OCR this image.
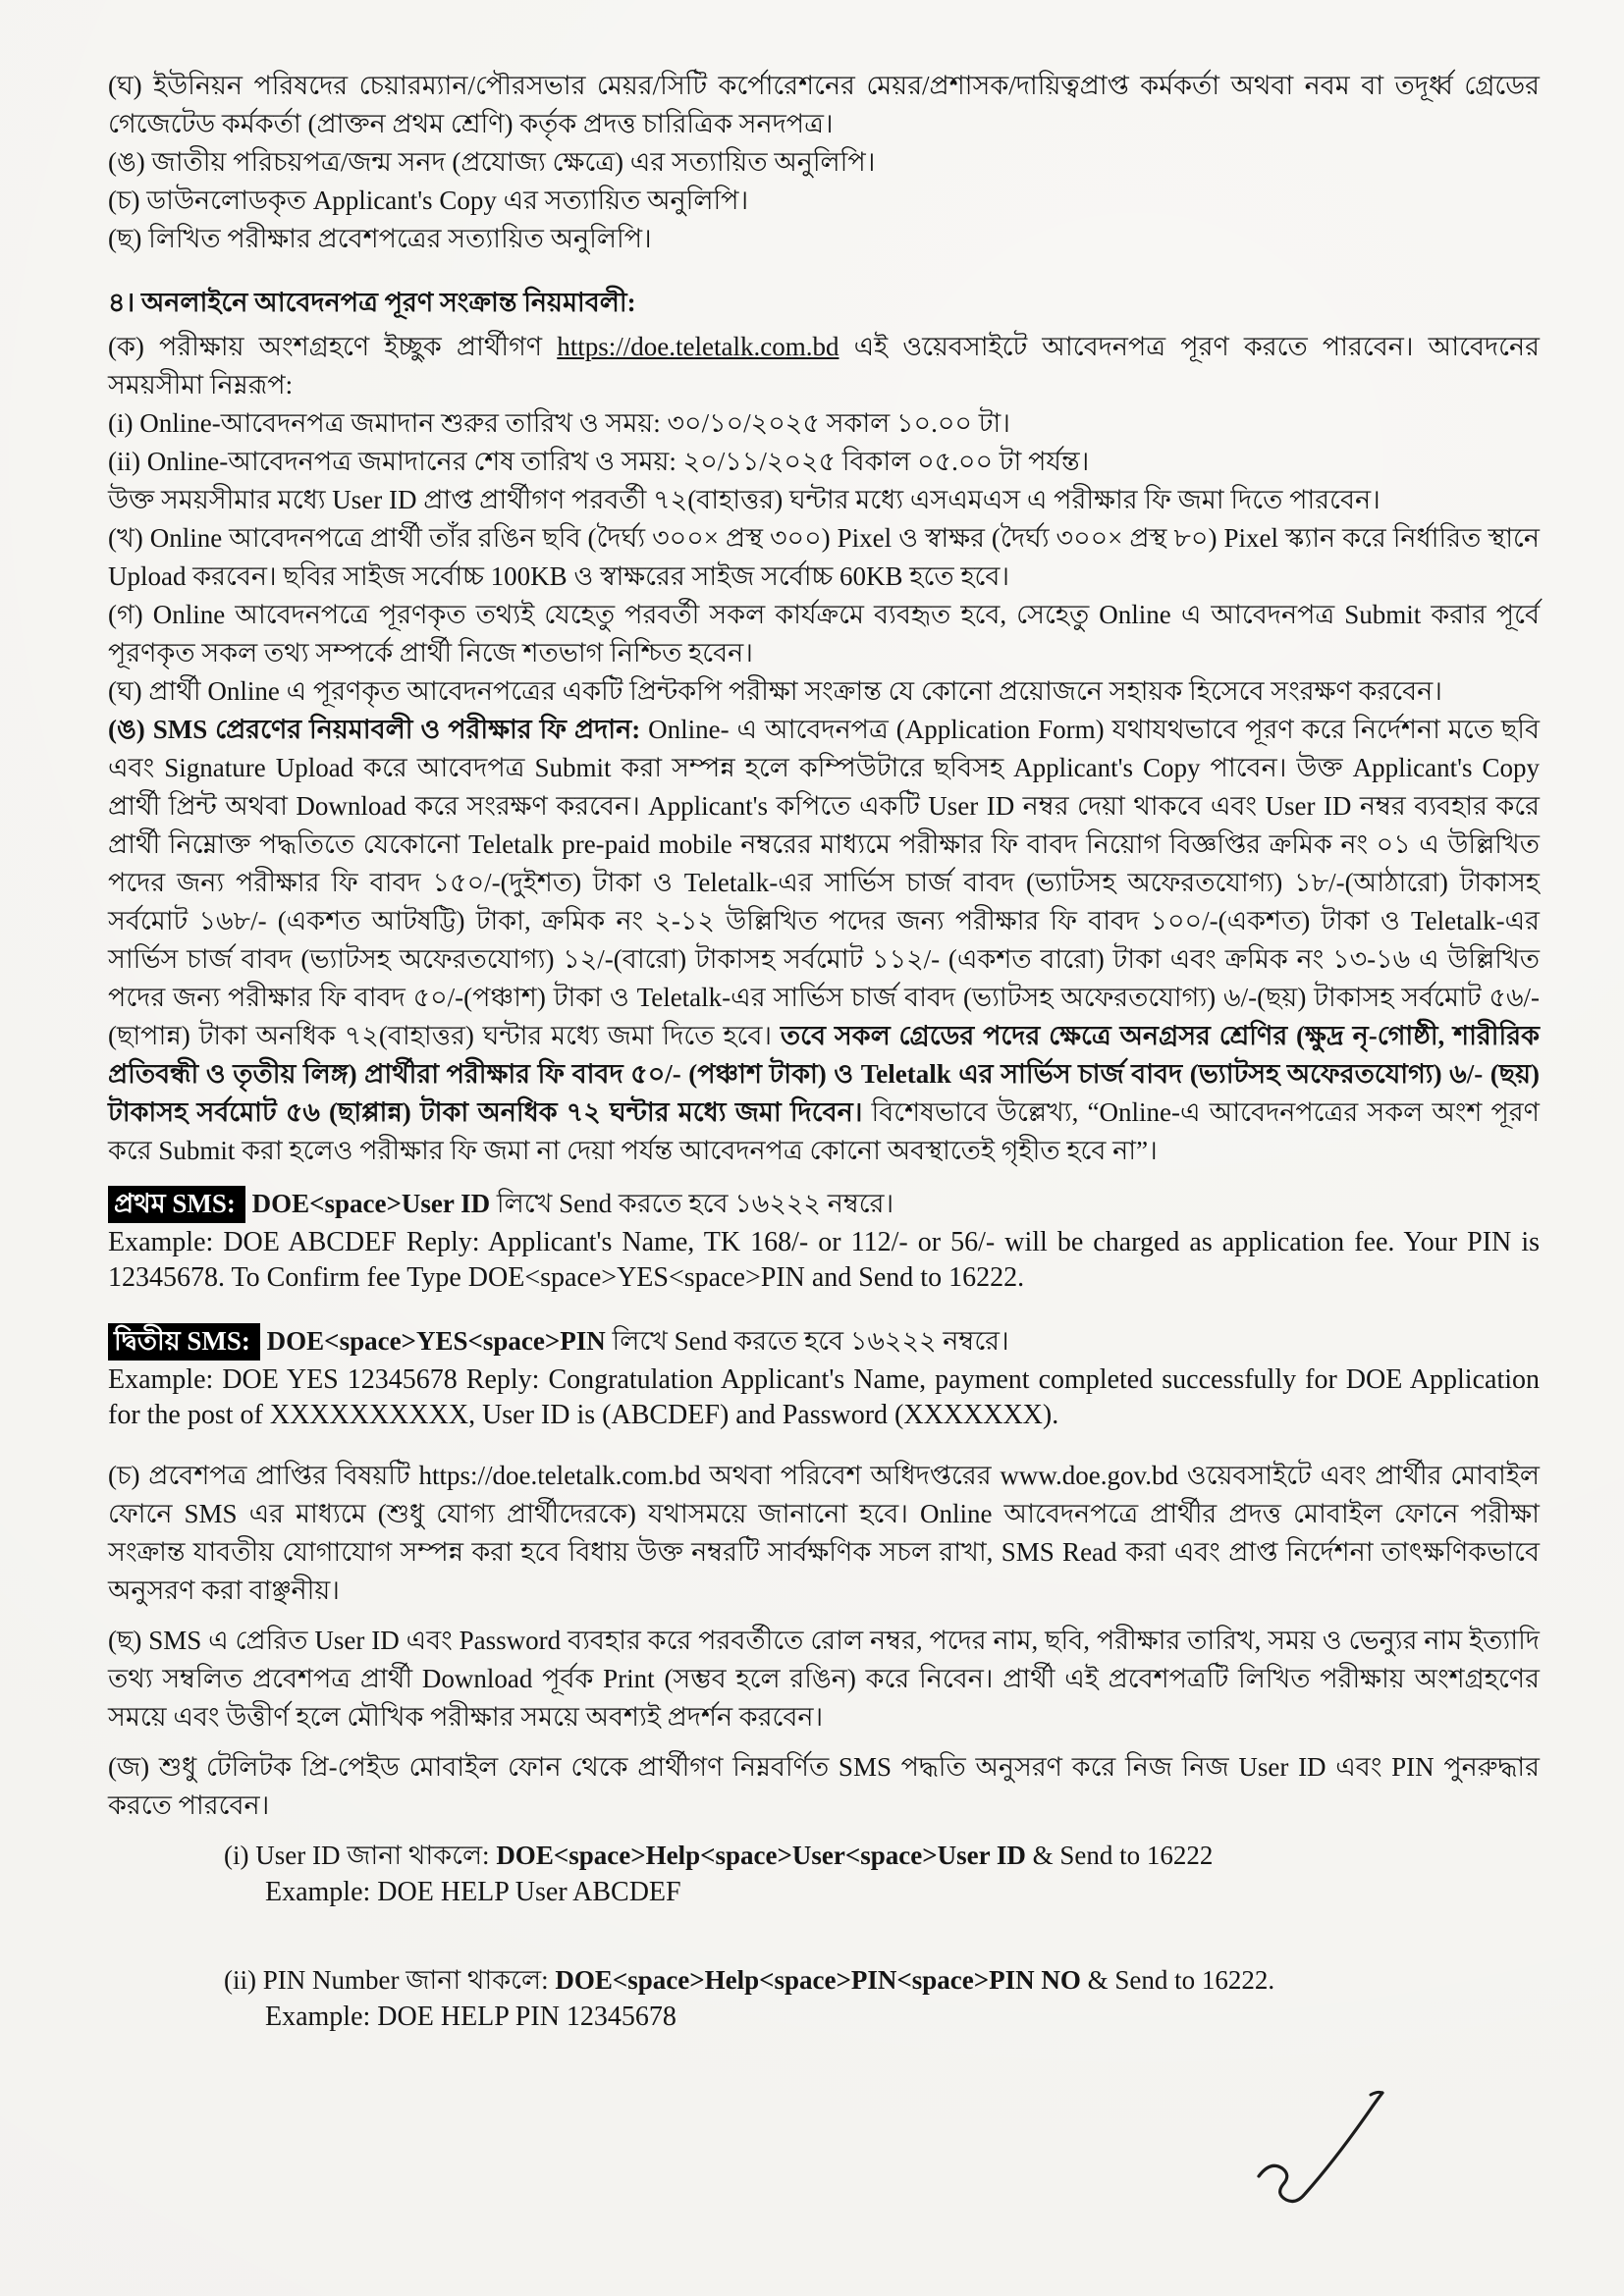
(ঘ) ইউনিয়ন পরিষদের চেয়ারম্যান/পৌরসভার মেয়র/সিটি কর্পোরেশনের মেয়র/প্রশাসক/দায়িত্বপ্রাপ্ত কর্মকর্তা অথবা নবম বা তদূর্ধ্ব গ্রেডের গেজেটেড কর্মকর্তা (প্রাক্তন প্রথম শ্রেণি) কর্তৃক প্রদত্ত চারিত্রিক সনদপত্র।
(ঙ) জাতীয় পরিচয়পত্র/জন্ম সনদ (প্রযোজ্য ক্ষেত্রে) এর সত্যায়িত অনুলিপি।
(চ) ডাউনলোডকৃত Applicant's Copy এর সত্যায়িত অনুলিপি।
(ছ) লিখিত পরীক্ষার প্রবেশপত্রের সত্যায়িত অনুলিপি।
৪। অনলাইনে আবেদনপত্র পূরণ সংক্রান্ত নিয়মাবলী:
(ক) পরীক্ষায় অংশগ্রহণে ইচ্ছুক প্রার্থীগণ https://doe.teletalk.com.bd এই ওয়েবসাইটে আবেদনপত্র পূরণ করতে পারবেন। আবেদনের সময়সীমা নিম্নরূপ:
(i) Online-আবেদনপত্র জমাদান শুরুর তারিখ ও সময়: ৩০/১০/২০২৫ সকাল ১০.০০ টা।
(ii) Online-আবেদনপত্র জমাদানের শেষ তারিখ ও সময়: ২০/১১/২০২৫ বিকাল ০৫.০০ টা পর্যন্ত।
উক্ত সময়সীমার মধ্যে User ID প্রাপ্ত প্রার্থীগণ পরবর্তী ৭২(বাহাত্তর) ঘন্টার মধ্যে এসএমএস এ পরীক্ষার ফি জমা দিতে পারবেন।
(খ) Online আবেদনপত্রে প্রার্থী তাঁর রঙিন ছবি (দৈর্ঘ্য ৩০০× প্রস্থ ৩০০) Pixel ও স্বাক্ষর (দৈর্ঘ্য ৩০০× প্রস্থ ৮০) Pixel স্ক্যান করে নির্ধারিত স্থানে Upload করবেন। ছবির সাইজ সর্বোচ্চ 100KB ও স্বাক্ষরের সাইজ সর্বোচ্চ 60KB হতে হবে।
(গ) Online আবেদনপত্রে পূরণকৃত তথ্যই যেহেতু পরবর্তী সকল কার্যক্রমে ব্যবহৃত হবে, সেহেতু Online এ আবেদনপত্র Submit করার পূর্বে পূরণকৃত সকল তথ্য সম্পর্কে প্রার্থী নিজে শতভাগ নিশ্চিত হবেন।
(ঘ) প্রার্থী Online এ পূরণকৃত আবেদনপত্রের একটি প্রিন্টকপি পরীক্ষা সংক্রান্ত যে কোনো প্রয়োজনে সহায়ক হিসেবে সংরক্ষণ করবেন।
(ঙ) SMS প্রেরণের নিয়মাবলী ও পরীক্ষার ফি প্রদান: Online- এ আবেদনপত্র (Application Form) যথাযথভাবে পূরণ করে নির্দেশনা মতে ছবি এবং Signature Upload করে আবেদপত্র Submit করা সম্পন্ন হলে কম্পিউটারে ছবিসহ Applicant's Copy পাবেন। উক্ত Applicant's Copy প্রার্থী প্রিন্ট অথবা Download করে সংরক্ষণ করবেন। Applicant's কপিতে একটি User ID নম্বর দেয়া থাকবে এবং User ID নম্বর ব্যবহার করে প্রার্থী নিম্নোক্ত পদ্ধতিতে যেকোনো Teletalk pre-paid mobile নম্বরের মাধ্যমে পরীক্ষার ফি বাবদ নিয়োগ বিজ্ঞপ্তির ক্রমিক নং ০১ এ উল্লিখিত পদের জন্য পরীক্ষার ফি বাবদ ১৫০/-(দুইশত) টাকা ও Teletalk-এর সার্ভিস চার্জ বাবদ (ভ্যাটসহ অফেরতযোগ্য) ১৮/-(আঠারো) টাকাসহ সর্বমোট ১৬৮/- (একশত আটষট্টি) টাকা, ক্রমিক নং ২-১২ উল্লিখিত পদের জন্য পরীক্ষার ফি বাবদ ১০০/-(একশত) টাকা ও Teletalk-এর সার্ভিস চার্জ বাবদ (ভ্যাটসহ অফেরতযোগ্য) ১২/-(বারো) টাকাসহ সর্বমোট ১১২/- (একশত বারো) টাকা এবং ক্রমিক নং ১৩-১৬ এ উল্লিখিত পদের জন্য পরীক্ষার ফি বাবদ ৫০/-(পঞ্চাশ) টাকা ও Teletalk-এর সার্ভিস চার্জ বাবদ (ভ্যাটসহ অফেরতযোগ্য) ৬/-(ছয়) টাকাসহ সর্বমোট ৫৬/- (ছাপান্ন) টাকা অনধিক ৭২(বাহাত্তর) ঘন্টার মধ্যে জমা দিতে হবে। তবে সকল গ্রেডের পদের ক্ষেত্রে অনগ্রসর শ্রেণির (ক্ষুদ্র নৃ-গোষ্ঠী, শারীরিক প্রতিবন্ধী ও তৃতীয় লিঙ্গ) প্রার্থীরা পরীক্ষার ফি বাবদ ৫০/- (পঞ্চাশ টাকা) ও Teletalk এর সার্ভিস চার্জ বাবদ (ভ্যাটসহ অফেরতযোগ্য) ৬/- (ছয়) টাকাসহ সর্বমোট ৫৬ (ছাপ্পান্ন) টাকা অনধিক ৭২ ঘন্টার মধ্যে জমা দিবেন। বিশেষভাবে উল্লেখ্য, “Online-এ আবেদনপত্রের সকল অংশ পূরণ করে Submit করা হলেও পরীক্ষার ফি জমা না দেয়া পর্যন্ত আবেদনপত্র কোনো অবস্থাতেই গৃহীত হবে না”।
প্রথম SMS: DOE<space>User ID লিখে Send করতে হবে ১৬২২২ নম্বরে।
Example: DOE ABCDEF Reply: Applicant's Name, TK 168/- or 112/- or 56/- will be charged as application fee. Your PIN is 12345678. To Confirm fee Type DOE<space>YES<space>PIN and Send to 16222.
দ্বিতীয় SMS: DOE<space>YES<space>PIN লিখে Send করতে হবে ১৬২২২ নম্বরে।
Example: DOE YES 12345678 Reply: Congratulation Applicant's Name, payment completed successfully for DOE Application for the post of XXXXXXXXXX, User ID is (ABCDEF) and Password (XXXXXXX).
(চ) প্রবেশপত্র প্রাপ্তির বিষয়টি https://doe.teletalk.com.bd অথবা পরিবেশ অধিদপ্তরের www.doe.gov.bd ওয়েবসাইটে এবং প্রার্থীর মোবাইল ফোনে SMS এর মাধ্যমে (শুধু যোগ্য প্রার্থীদেরকে) যথাসময়ে জানানো হবে। Online আবেদনপত্রে প্রার্থীর প্রদত্ত মোবাইল ফোনে পরীক্ষা সংক্রান্ত যাবতীয় যোগাযোগ সম্পন্ন করা হবে বিধায় উক্ত নম্বরটি সার্বক্ষণিক সচল রাখা, SMS Read করা এবং প্রাপ্ত নির্দেশনা তাৎক্ষণিকভাবে অনুসরণ করা বাঞ্ছনীয়।
(ছ) SMS এ প্রেরিত User ID এবং Password ব্যবহার করে পরবর্তীতে রোল নম্বর, পদের নাম, ছবি, পরীক্ষার তারিখ, সময় ও ভেন্যুর নাম ইত্যাদি তথ্য সম্বলিত প্রবেশপত্র প্রার্থী Download পূর্বক Print (সম্ভব হলে রঙিন) করে নিবেন। প্রার্থী এই প্রবেশপত্রটি লিখিত পরীক্ষায় অংশগ্রহণের সময়ে এবং উত্তীর্ণ হলে মৌখিক পরীক্ষার সময়ে অবশ্যই প্রদর্শন করবেন।
(জ) শুধু টেলিটক প্রি-পেইড মোবাইল ফোন থেকে প্রার্থীগণ নিম্নবর্ণিত SMS পদ্ধতি অনুসরণ করে নিজ নিজ User ID এবং PIN পুনরুদ্ধার করতে পারবেন।
(i) User ID জানা থাকলে: DOE<space>Help<space>User<space>User ID & Send to 16222
Example: DOE HELP User ABCDEF
(ii) PIN Number জানা থাকলে: DOE<space>Help<space>PIN<space>PIN NO & Send to 16222.
Example: DOE HELP PIN 12345678
